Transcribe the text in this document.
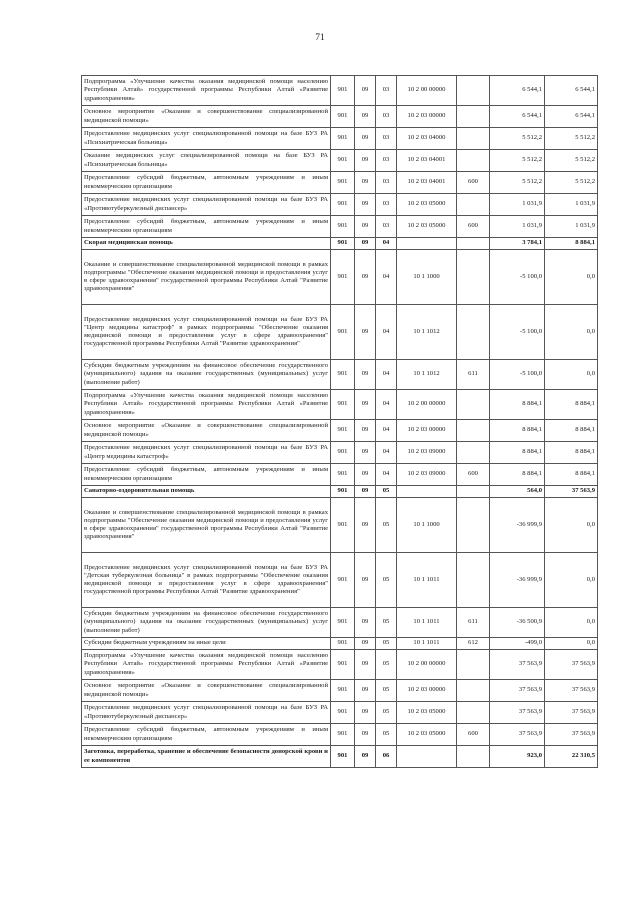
71
Подпрограмма «Улучшение качества оказания медицинской помощи населению Республики Алтай» государственной программы Республики Алтай «Развитие здравоохранения»	901	09	03	10 2 00 00000		6 544,1	6 544,1
Основное мероприятие «Оказание и совершенствование специализированной медицинской помощи»	901	09	03	10 2 03 00000		6 544,1	6 544,1
Предоставление медицинских услуг специализированной помощи на базе БУЗ РА «Психиатрическая больница»	901	09	03	10 2 03 04000		5 512,2	5 512,2
Оказание медицинских услуг специализированной помощи на базе БУЗ РА «Психиатрическая больница»	901	09	03	10 2 03 04001		5 512,2	5 512,2
Предоставление субсидий бюджетным, автономным учреждениям и иным некоммерческим организациям	901	09	03	10 2 03 04001	600	5 512,2	5 512,2
Предоставление медицинских услуг специализированной помощи на базе БУЗ РА «Противотуберкулезный диспансер»	901	09	03	10 2 03 05000		1 031,9	1 031,9
Предоставление субсидий бюджетным, автономным учреждениям и иным некоммерческим организациям	901	09	03	10 2 03 05000	600	1 031,9	1 031,9
Скорая медицинская помощь	901	09	04			3 784,1	8 884,1
Оказание и совершенствование специализированной медицинской помощи в рамках подпрограммы "Обеспечение оказания медицинской помощи и предоставления услуг в сфере здравоохранения" государственной программы Республики Алтай "Развитие здравоохранения"	901	09	04	10 1 1000		-5 100,0	0,0
Предоставление медицинских услуг специализированной помощи на базе БУЗ РА "Центр медицины катастроф" в рамках подпрограммы "Обеспечение оказания медицинской помощи и предоставления услуг в сфере здравоохранения" государственной программы Республики Алтай "Развитие здравоохранения"	901	09	04	10 1 1012		-5 100,0	0,0
Субсидии бюджетным учреждениям на финансовое обеспечение государственного (муниципального) задания на оказание государственных (муниципальных) услуг (выполнение работ)	901	09	04	10 1 1012	611	-5 100,0	0,0
Подпрограмма «Улучшение качества оказания медицинской помощи населению Республики Алтай» государственной программы Республики Алтай «Развитие здравоохранения»	901	09	04	10 2 00 00000		8 884,1	8 884,1
Основное мероприятие «Оказание и совершенствование специализированной медицинской помощи»	901	09	04	10 2 03 00000		8 884,1	8 884,1
Предоставление медицинских услуг специализированной помощи на базе БУЗ РА «Центр медицины катастроф»	901	09	04	10 2 03 09000		8 884,1	8 884,1
Предоставление субсидий бюджетным, автономным учреждениям и иным некоммерческим организациям	901	09	04	10 2 03 09000	600	8 884,1	8 884,1
Санаторно-оздоровительная помощь	901	09	05			564,0	37 563,9
Оказание и совершенствование специализированной медицинской помощи в рамках подпрограммы "Обеспечение оказания медицинской помощи и предоставления услуг в сфере здравоохранения" государственной программы Республики Алтай "Развитие здравоохранения"	901	09	05	10 1 1000		-36 999,9	0,0
Предоставление медицинских услуг специализированной помощи на базе БУЗ РА "Детская туберкулезная больница" в рамках подпрограммы "Обеспечение оказания медицинской помощи и предоставления услуг в сфере здравоохранения" государственной программы Республики Алтай "Развитие здравоохранения"	901	09	05	10 1 1011		-36 999,9	0,0
Субсидии бюджетным учреждениям на финансовое обеспечение государственного (муниципального) задания на оказание государственных (муниципальных) услуг (выполнение работ)	901	09	05	10 1 1011	611	-36 500,9	0,0
Субсидии бюджетным учреждениям на иные цели	901	09	05	10 1 1011	612	-499,0	0,0
Подпрограмма «Улучшение качества оказания медицинской помощи населению Республики Алтай» государственной программы Республики Алтай «Развитие здравоохранения»	901	09	05	10 2 00 00000		37 563,9	37 563,9
Основное мероприятие «Оказание и совершенствование специализированной медицинской помощи»	901	09	05	10 2 03 00000		37 563,9	37 563,9
Предоставление медицинских услуг специализированной помощи на базе БУЗ РА «Противотуберкулезный диспансер»	901	09	05	10 2 03 05000		37 563,9	37 563,9
Предоставление субсидий бюджетным, автономным учреждениям и иным некоммерческим организациям	901	09	05	10 2 03 05000	600	37 563,9	37 563,9
Заготовка, переработка, хранение и обеспечение безопасности донорской крови и ее компонентов	901	09	06			923,0	22 310,5
